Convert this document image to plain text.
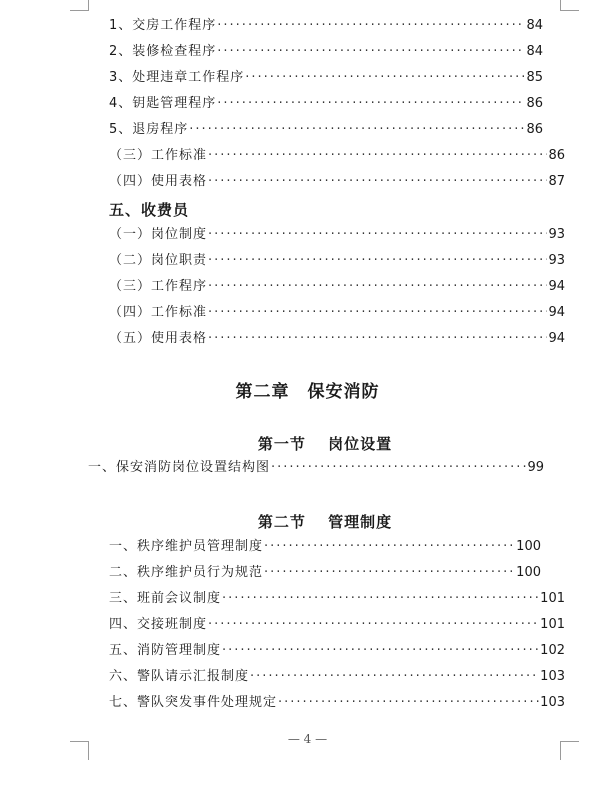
1、交房工作程序 ·····	84
2、装修检查程序 ·····	84
3、处理违章工作程序 ·····	85
4、钥匙管理程序 ·····	86
5、退房程序 ·····	86
（三）工作标准 ·····	86
（四）使用表格 ·····	87
五、收费员
（一）岗位制度 ·····	93
（二）岗位职责 ·····	93
（三）工作程序 ·····	94
（四）工作标准 ·····	94
（五）使用表格 ·····	94
第二章　保安消防
第一节　 岗位设置
一、保安消防岗位设置结构图 ·····	99
第二节　 管理制度
一、秩序维护员管理制度 ·····	100
二、秩序维护员行为规范 ·····	100
三、班前会议制度 ·····	101
四、交接班制度 ·····	101
五、消防管理制度 ·····	102
六、警队请示汇报制度 ·····	103
七、警队突发事件处理规定 ·····	103
— 4 —
